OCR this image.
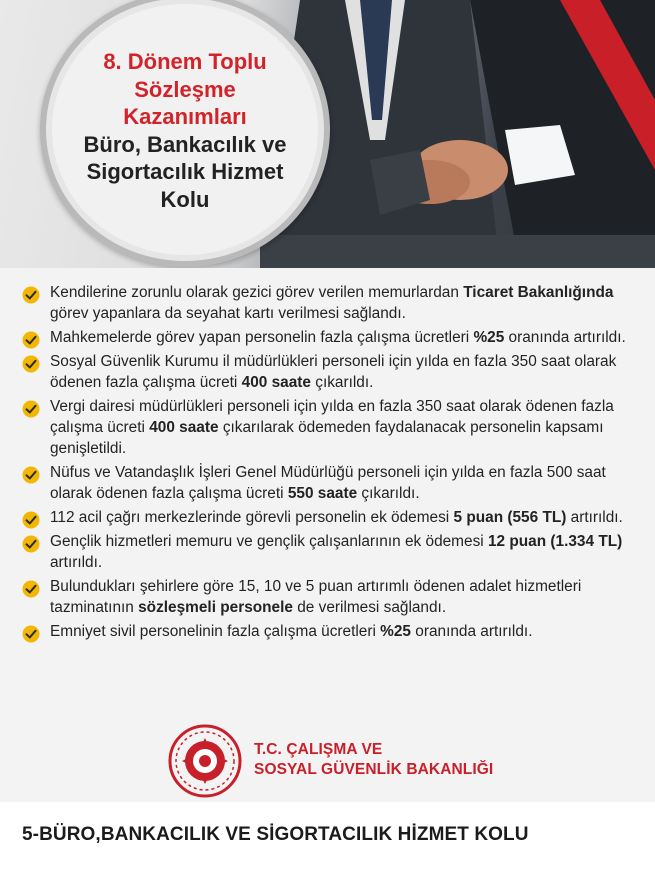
8. Dönem Toplu
Sözleşme
Kazanımları
Büro, Bankacılık ve
Sigortacılık Hizmet
Kolu
Kendilerine zorunlu olarak gezici görev verilen memurlardan Ticaret Bakanlığında görev yapanlara da seyahat kartı verilmesi sağlandı.
Mahkemelerde görev yapan personelin fazla çalışma ücretleri %25 oranında artırıldı.
Sosyal Güvenlik Kurumu il müdürlükleri personeli için yılda en fazla 350 saat olarak ödenen fazla çalışma ücreti 400 saate çıkarıldı.
Vergi dairesi müdürlükleri personeli için yılda en fazla 350 saat olarak ödenen fazla çalışma ücreti 400 saate çıkarılarak ödemeden faydalanacak personelin kapsamı genişletildi.
Nüfus ve Vatandaşlık İşleri Genel Müdürlüğü personeli için yılda en fazla 500 saat olarak ödenen fazla çalışma ücreti 550 saate çıkarıldı.
112 acil çağrı merkezlerinde görevli personelin ek ödemesi 5 puan (556 TL) artırıldı.
Gençlik hizmetleri memuru ve gençlik çalışanlarının ek ödemesi 12 puan (1.334 TL) artırıldı.
Bulundukları şehirlere göre 15, 10 ve 5 puan artırımlı ödenen adalet hizmetleri tazminatının sözleşmeli personele de verilmesi sağlandı.
Emniyet sivil personelinin fazla çalışma ücretleri %25 oranında artırıldı.
T.C. ÇALIŞMA VE
SOSYAL GÜVENLİK BAKANLIĞI
5-BÜRO,BANKACILIK VE SİGORTACILIK HİZMET KOLU
